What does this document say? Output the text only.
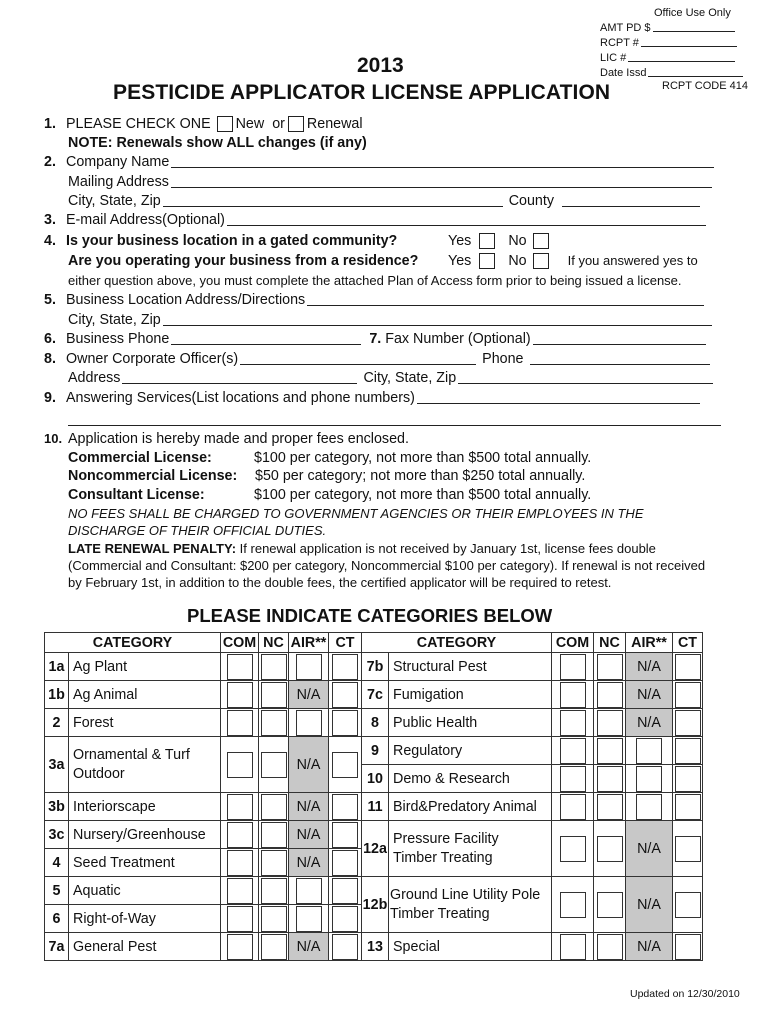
Office Use Only
AMT PD $
RCPT #
LIC #
Date Issd
RCPT CODE 414
2013
PESTICIDE APPLICATOR LICENSE APPLICATION
1. PLEASE CHECK ONE New
or Renewal
NOTE: Renewals show ALL changes (if any)
2. Company Name
Mailing Address
City, State, Zip	County
3. E-mail Address(Optional)
4. Is your business location in a gated community?	Yes	No
Are you operating your business from a residence? Yes	No	If you answered yes to
either question above, you must complete the attached Plan of Access form prior to being issued a license.
5. Business Location Address/Directions
City, State, Zip
6. Business Phone	7.
Fax Number (Optional)
8. Owner Corporate Officer(s)	Phone
Address	City, State, Zip
9. Answering Services(List locations and phone numbers)
10. Application is hereby made and proper fees enclosed.
Commercial License:	$100 per category, not more than $500 total annually.
Noncommercial License:	$50 per category; not more than $250 total annually.
Consultant License:	$100 per category, not more than $500 total annually.
NO FEES SHALL BE CHARGED TO GOVERNMENT AGENCIES OR THEIR EMPLOYEES IN THE
DISCHARGE OF THEIR OFFICIAL DUTIES.
LATE RENEWAL PENALTY:
If renewal application is not received by January 1st, license fees double
(Commercial and Consultant: $200 per category, Noncommercial $100 per category). If renewal is not received
by February 1st, in addition to the double fees, the certified applicator will be required to retest.
PLEASE INDICATE CATEGORIES BELOW
CATEGORY		COM	NC	AIR**	CT	CATEGORY		COM	NC	AIR**	CT
1a	Ag Plant					7b	Structural Pest			N/A	
1b	Ag Animal			N/A		7c	Fumigation			N/A	
2	Forest					8	Public Health			N/A	
3a	Ornamental & Turf
Outdoor			N/A		9	Regulatory				
						10	Demo & Research				
3b	Interiorscape			N/A		11	Bird&Predatory Animal				
3c	Nursery/Greenhouse			N/A		12a	Pressure Facility
Timber Treating			N/A	
4	Seed Treatment			N/A							
5	Aquatic					12b	Ground Line Utility Pole
Timber Treating			N/A	
6	Right-of-Way										
7a	General Pest			N/A		13	Special			N/A	
Updated on 12/30/2010
